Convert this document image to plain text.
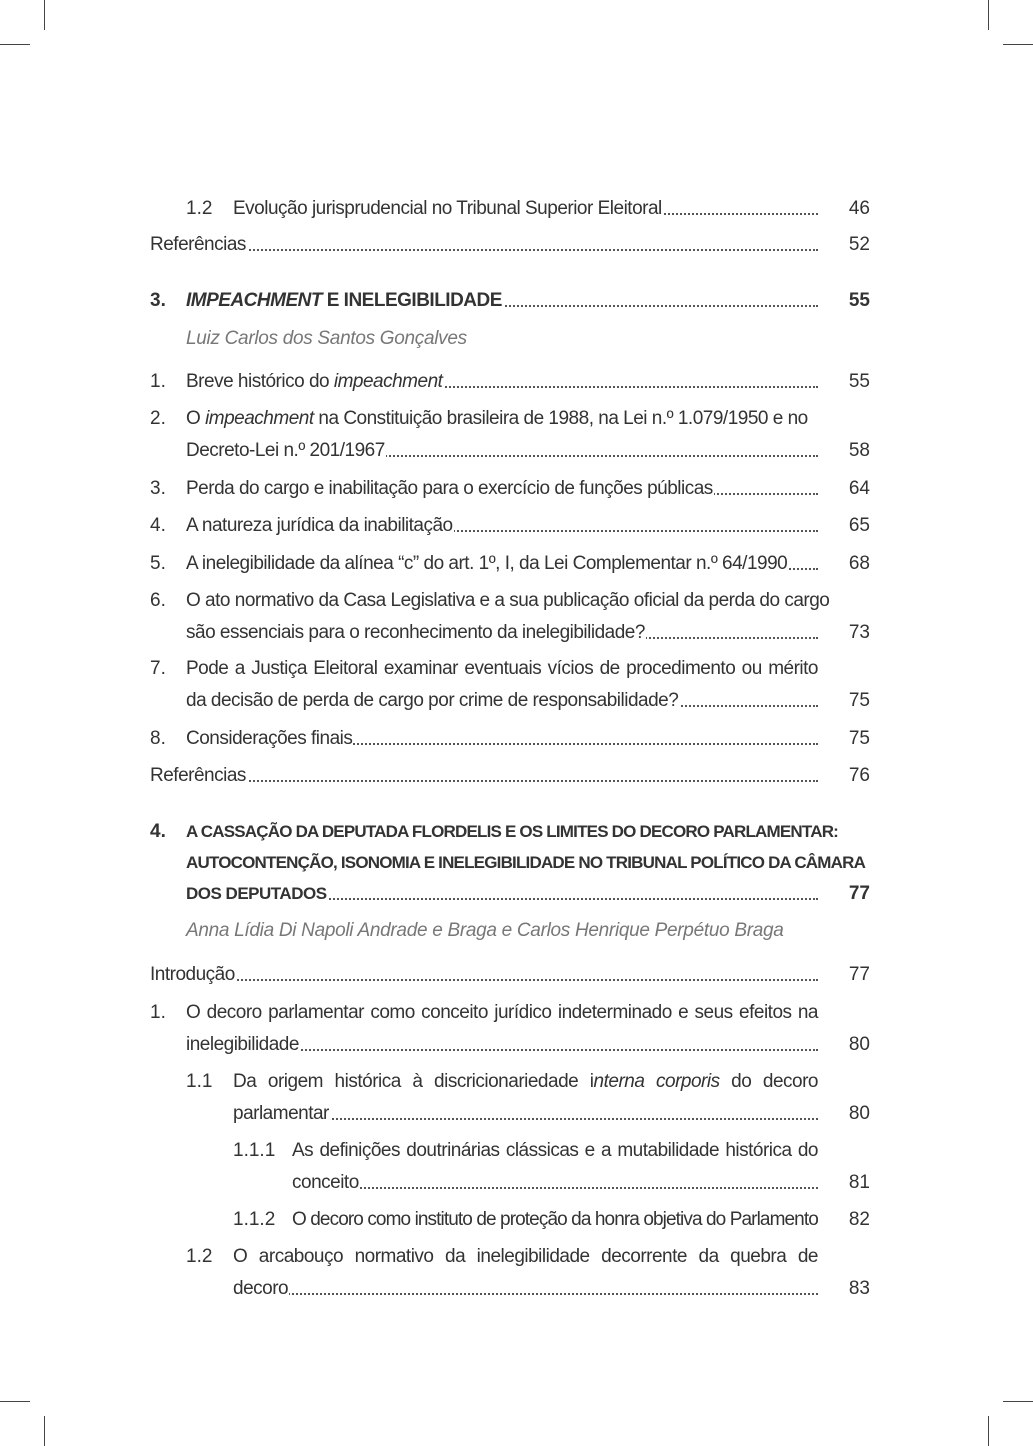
1.2 Evolução jurisprudencial no Tribunal Superior Eleitoral	46
Referências	52
3. IMPEACHMENT E INELEGIBILIDADE	55
Luiz Carlos dos Santos Gonçalves
1. Breve histórico do impeachment	55
2. O impeachment na Constituição brasileira de 1988, na Lei n.º 1.079/1950 e no
Decreto-Lei n.º 201/1967	58
3. Perda do cargo e inabilitação para o exercício de funções públicas	64
4. A natureza jurídica da inabilitação	65
5. A inelegibilidade da alínea “c” do art. 1º, I, da Lei Complementar n.º 64/1990	68
6. O ato normativo da Casa Legislativa e a sua publicação oficial da perda do cargo
são essenciais para o reconhecimento da inelegibilidade?	73
7. Pode a Justiça Eleitoral examinar eventuais vícios de procedimento ou mérito
da decisão de perda de cargo por crime de responsabilidade?	75
8. Considerações finais	75
Referências	76
4. A CASSAÇÃO DA DEPUTADA FLORDELIS E OS LIMITES DO DECORO PARLAMENTAR:
AUTOCONTENÇÃO, ISONOMIA E INELEGIBILIDADE NO TRIBUNAL POLÍTICO DA CÂMARA
DOS DEPUTADOS	77
Anna Lídia Di Napoli Andrade e Braga e Carlos Henrique Perpétuo Braga
Introdução	77
1. O decoro parlamentar como conceito jurídico indeterminado e seus efeitos na
inelegibilidade	80
1.1 Da origem histórica à discricionariedade interna corporis do decoro
parlamentar	80
1.1.1 As definições doutrinárias clássicas e a mutabilidade histórica do
conceito	81
1.1.2 O decoro como instituto de proteção da honra objetiva do Parlamento 82
1.2 O arcabouço normativo da inelegibilidade decorrente da quebra de
decoro	83
